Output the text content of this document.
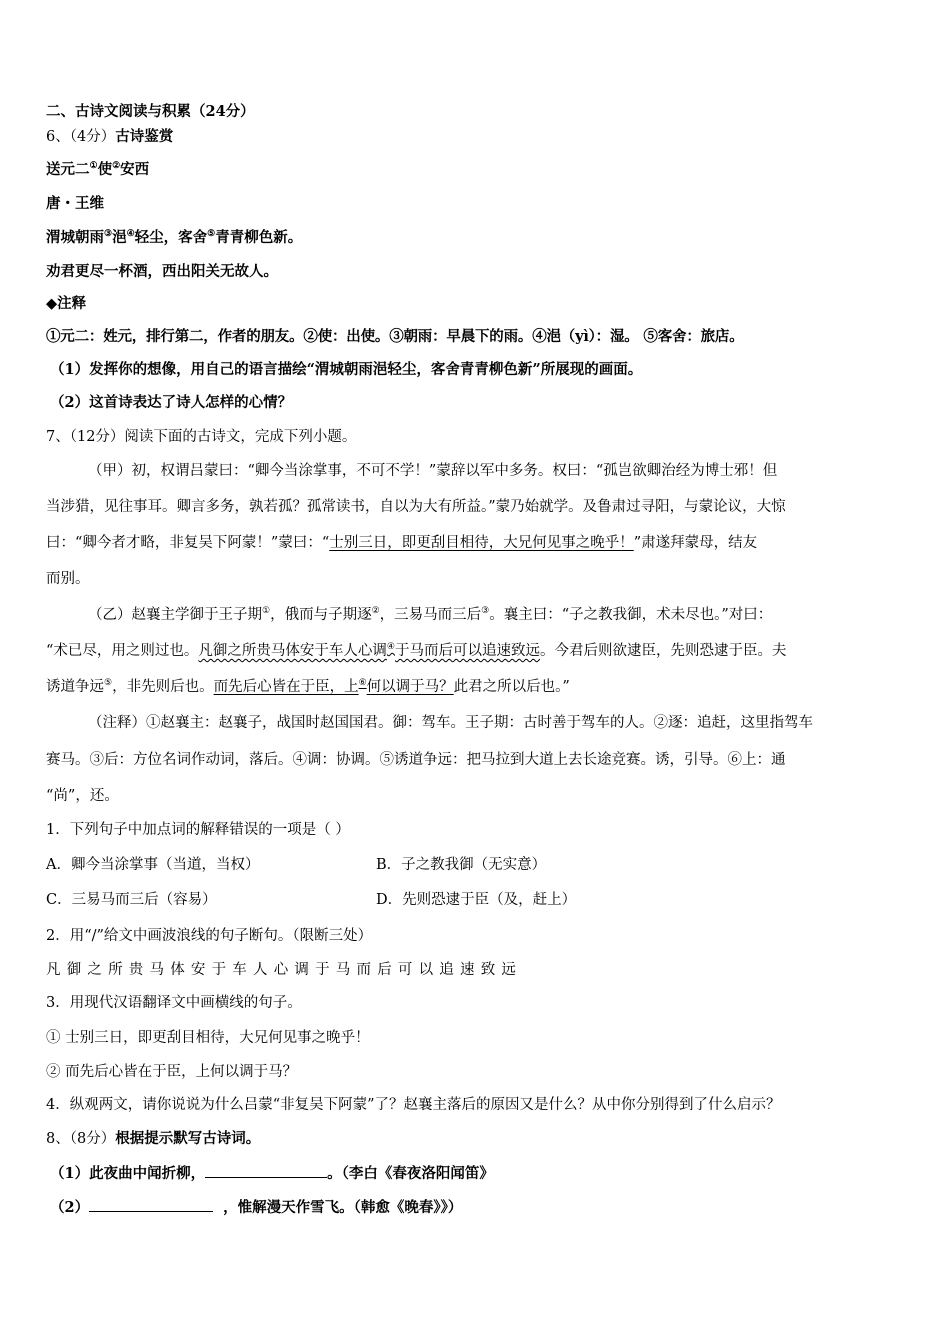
二、古诗文阅读与积累（24分）
6、（4分）古诗鉴赏
送元二①使②安西
唐・王维
渭城朝雨③浥④轻尘，客舍⑤青青柳色新。
劝君更尽一杯酒，西出阳关无故人。
◆注释
①元二：姓元，排行第二，作者的朋友。②使：出使。③朝雨：早晨下的雨。④浥（yì）：湿。 ⑤客舍：旅店。
（1）发挥你的想像，用自己的语言描绘“渭城朝雨浥轻尘，客舍青青柳色新”所展现的画面。
（2）这首诗表达了诗人怎样的心情？
7、（12分）阅读下面的古诗文，完成下列小题。
（甲）初，权谓吕蒙曰：“卿今当涂掌事，不可不学！”蒙辞以军中多务。权曰：“孤岂欲卿治经为博士邪！但
当涉猎，见往事耳。卿言多务，孰若孤？孤常读书，自以为大有所益。”蒙乃始就学。及鲁肃过寻阳，与蒙论议，大惊
曰：“卿今者才略，非复吴下阿蒙！”蒙曰：“士别三日，即更刮目相待，大兄何见事之晚乎！”肃遂拜蒙母，结友
而别。
（乙）赵襄主学御于王子期①，俄而与子期逐②，三易马而三后③。襄主曰：“子之教我御，术未尽也。”对曰：
“术已尽，用之则过也。凡御之所贵马体安于车人心调④于马而后可以追速致远。今君后则欲逮臣，先则恐逮于臣。夫
诱道争远⑤，非先则后也。而先后心皆在于臣，上⑥何以调于马？此君之所以后也。”
（注释）①赵襄主：赵襄子，战国时赵国国君。御：驾车。王子期：古时善于驾车的人。②逐：追赶，这里指驾车
赛马。③后：方位名词作动词，落后。④调：协调。⑤诱道争远：把马拉到大道上去长途竞赛。诱，引导。⑥上：通
“尚”，还。
1．下列句子中加点词的解释错误的一项是（ ）
A．卿今当涂掌事（当道，当权）	B．子之教我御（无实意）
C．三易马而三后（容易）	D．先则恐逮于臣（及，赶上）
2．用“/”给文中画波浪线的句子断句。（限断三处）
凡御之所贵马体安于车人心调于马而后可以追速致远
3．用现代汉语翻译文中画横线的句子。
① 士别三日，即更刮目相待，大兄何见事之晚乎！
② 而先后心皆在于臣，上何以调于马？
4．纵观两文，请你说说为什么吕蒙“非复吴下阿蒙”了？赵襄主落后的原因又是什么？从中你分别得到了什么启示？
8、（8分）根据提示默写古诗词。
（1）此夜曲中闻折柳，	。（李白《春夜洛阳闻笛》
（2）	，惟解漫天作雪飞。（韩愈《晚春》》）
